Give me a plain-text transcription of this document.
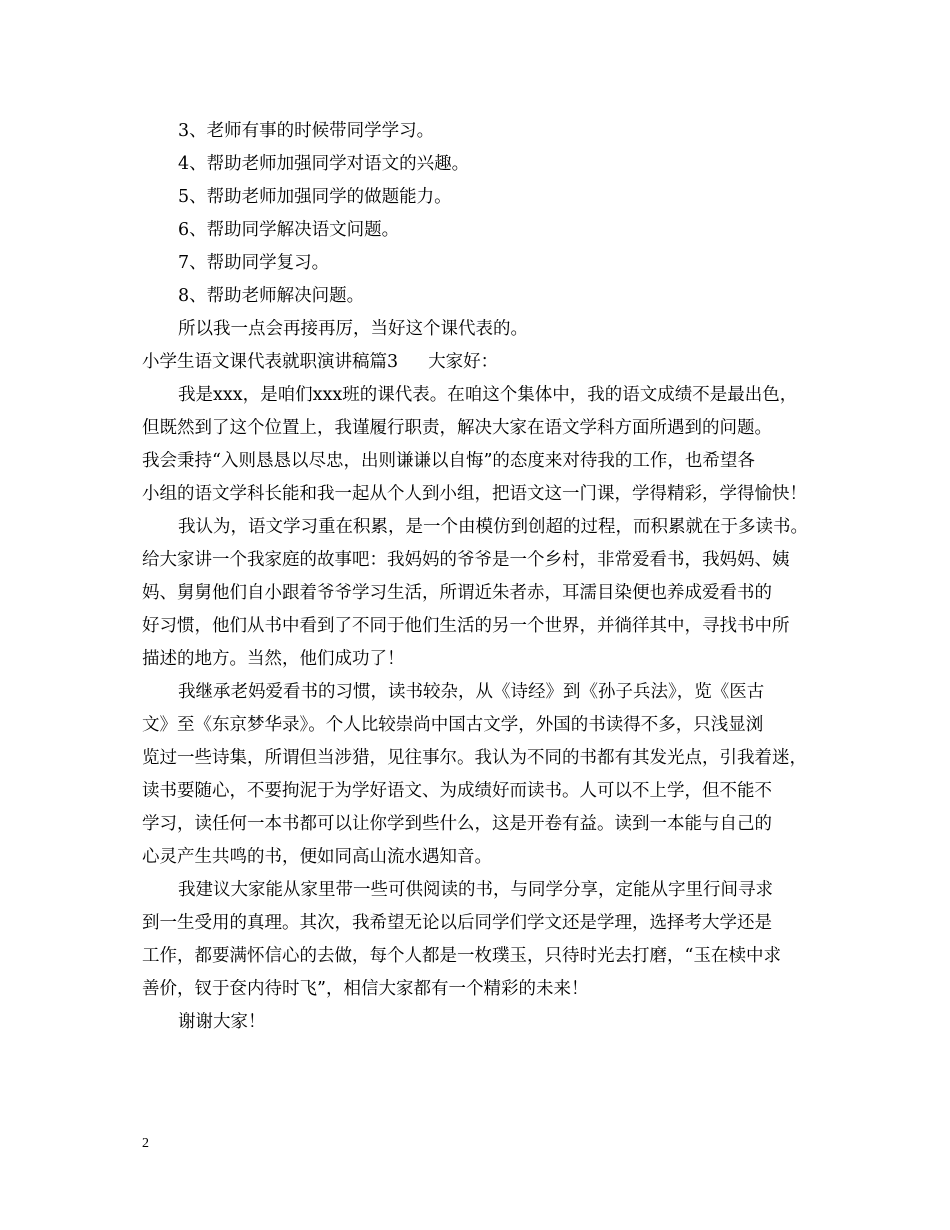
3、老师有事的时候带同学学习。
4、帮助老师加强同学对语文的兴趣。
5、帮助老师加强同学的做题能力。
6、帮助同学解决语文问题。
7、帮助同学复习。
8、帮助老师解决问题。
所以我一点会再接再厉，当好这个课代表的。
小学生语文课代表就职演讲稿篇3 大家好：
我是xxx，是咱们xxx班的课代表。在咱这个集体中，我的语文成绩不是最出色，
但既然到了这个位置上，我谨履行职责，解决大家在语文学科方面所遇到的问题。
我会秉持“入则恳恳以尽忠，出则谦谦以自悔”的态度来对待我的工作，也希望各
小组的语文学科长能和我一起从个人到小组，把语文这一门课，学得精彩，学得愉快！
我认为，语文学习重在积累，是一个由模仿到创超的过程，而积累就在于多读书。
给大家讲一个我家庭的故事吧：我妈妈的爷爷是一个乡村，非常爱看书，我妈妈、姨
妈、舅舅他们自小跟着爷爷学习生活，所谓近朱者赤，耳濡目染便也养成爱看书的
好习惯，他们从书中看到了不同于他们生活的另一个世界，并徜徉其中，寻找书中所
描述的地方。当然，他们成功了！
我继承老妈爱看书的习惯，读书较杂，从《诗经》到《孙子兵法》，览《医古
文》至《东京梦华录》。个人比较崇尚中国古文学，外国的书读得不多，只浅显浏
览过一些诗集，所谓但当涉猎，见往事尔。我认为不同的书都有其发光点，引我着迷，
读书要随心，不要拘泥于为学好语文、为成绩好而读书。人可以不上学，但不能不
学习，读任何一本书都可以让你学到些什么，这是开卷有益。读到一本能与自己的
心灵产生共鸣的书，便如同高山流水遇知音。
我建议大家能从家里带一些可供阅读的书，与同学分享，定能从字里行间寻求
到一生受用的真理。其次，我希望无论以后同学们学文还是学理，选择考大学还是
工作，都要满怀信心的去做，每个人都是一枚璞玉，只待时光去打磨，“玉在椟中求
善价，钗于奁内待时飞”，相信大家都有一个精彩的未来！
谢谢大家！
2
